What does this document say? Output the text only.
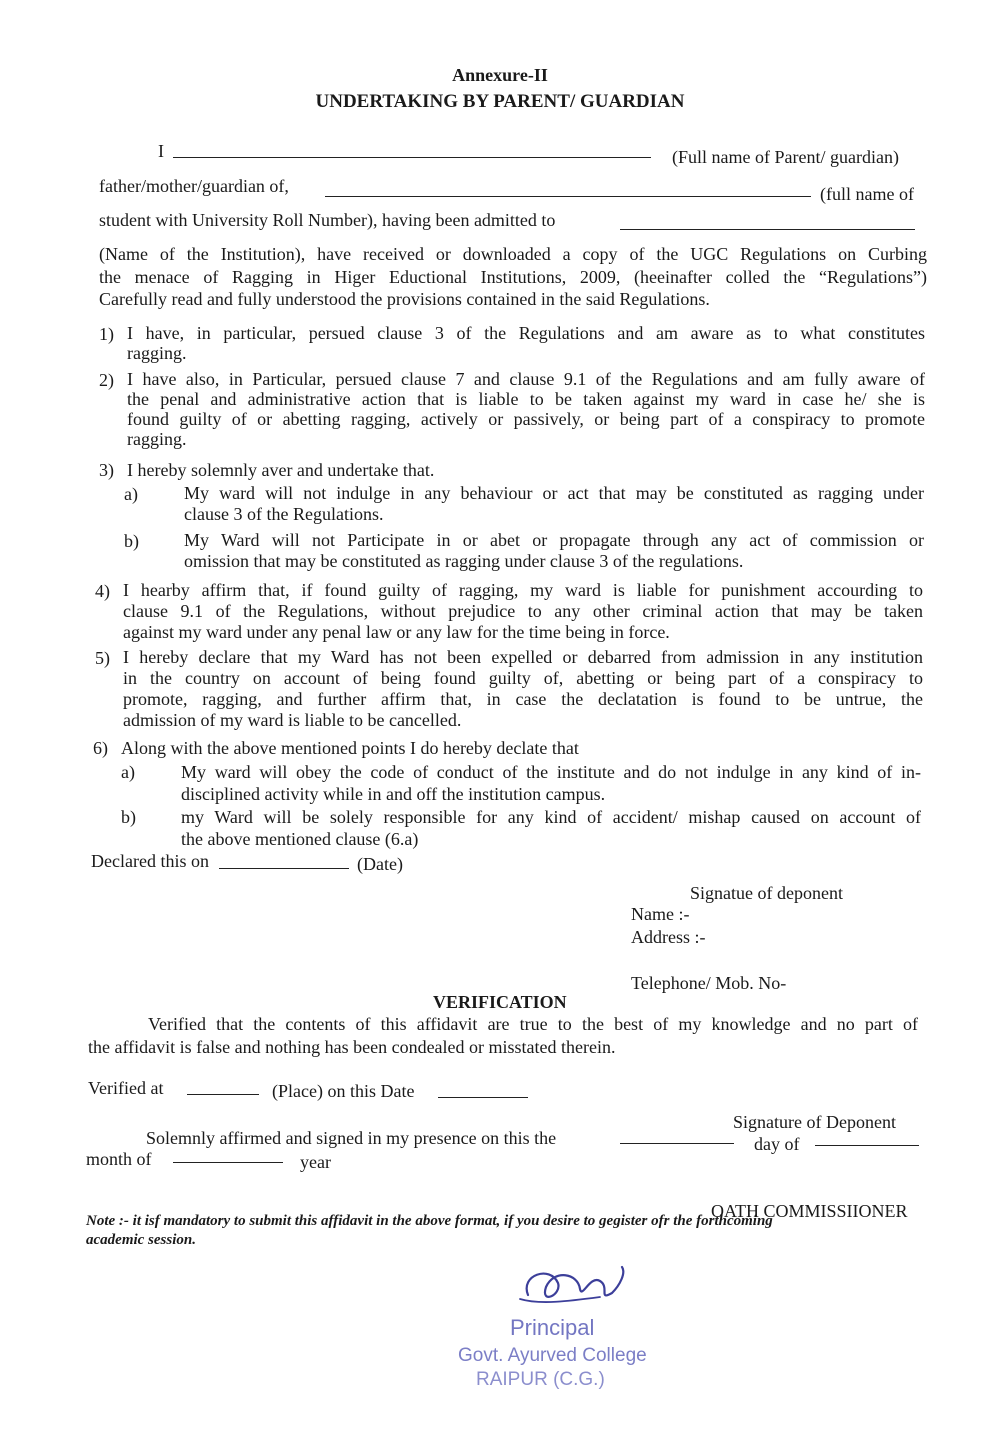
Annexure-II
UNDERTAKING BY PARENT/ GUARDIAN
I	(Full name of Parent/ guardian)
father/mother/guardian of,	(full name of
student with University Roll Number), having been admitted to
(Name of the Institution), have received or downloaded a copy of the UGC Regulations on Curbing
the menace of Ragging in Higer Eductional Institutions, 2009, (heeinafter colled the “Regulations”)
Carefully read and fully understood the provisions contained in the said Regulations.
1) I have, in particular, persued clause 3 of the Regulations and am aware as to what constitutes
ragging.
2) I have also, in Particular, persued clause 7 and clause 9.1 of the Regulations and am fully aware of
the penal and administrative action that is liable to be taken against my ward in case he/ she is
found guilty of or abetting ragging, actively or passively, or being part of a conspiracy to promote
ragging.
3) I hereby solemnly aver and undertake that.
a)	My ward will not indulge in any behaviour or act that may be constituted as ragging under
clause 3 of the Regulations.
b)	My Ward will not Participate in or abet or propagate through any act of commission or
omission that may be constituted as ragging under clause 3 of the regulations.
4) I hearby affirm that, if found guilty of ragging, my ward is liable for punishment accourding to
clause 9.1 of the Regulations, without prejudice to any other criminal action that may be taken
against my ward under any penal law or any law for the time being in force.
5) I hereby declare that my Ward has not been expelled or debarred from admission in any institution
in the country on account of being found guilty of, abetting or being part of a conspiracy to
promote, ragging, and further affirm that, in case the declatation is found to be untrue, the
admission of my ward is liable to be cancelled.
6) Along with the above mentioned points I do hereby declate that
a)	My ward will obey the code of conduct of the institute and do not indulge in any kind of in-
disciplined activity while in and off the institution campus.
b)	my Ward will be solely responsible for any kind of accident/ mishap caused on account of
the above mentioned clause (6.a)
Declared this on	(Date)
Signatue of deponent
Name :-
Address :-
Telephone/ Mob. No-
VERIFICATION
Verified that the contents of this affidavit are true to the best of my knowledge and no part of
the affidavit is false and nothing has been condealed or misstated therein.
Verified at	(Place) on this Date
Signature of Deponent
Solemnly affirmed and signed in my presence on this the	day of
month of	year
OATH COMMISSIIONER
Note :- it isf mandatory to submit this affidavit in the above format, if you desire to gegister ofr the forthcoming
academic session.
Principal
Govt. Ayurved College
RAIPUR (C.G.)
